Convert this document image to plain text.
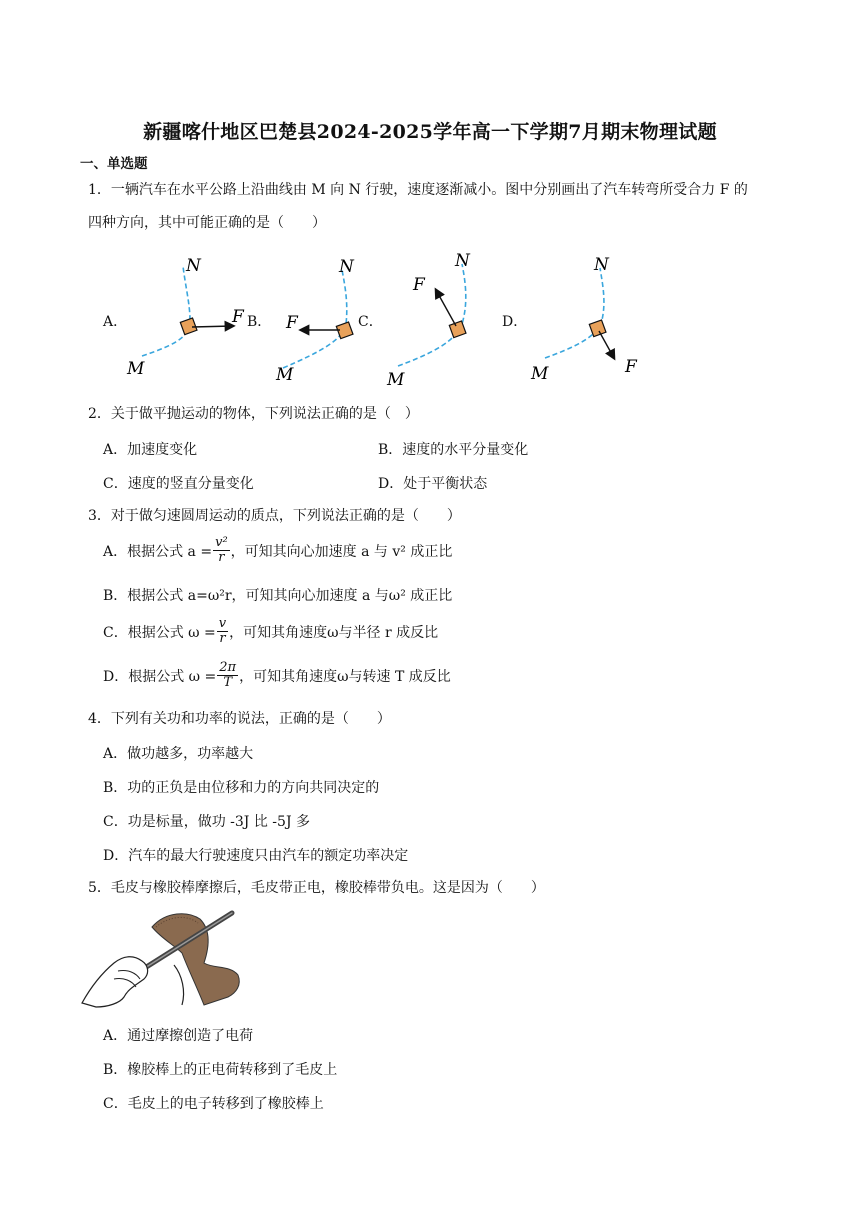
新疆喀什地区巴楚县2024-2025学年高一下学期7月期末物理试题
一、单选题
1．一辆汽车在水平公路上沿曲线由 M 向 N 行驶，速度逐渐减小。图中分别画出了汽车转弯所受合力 F 的
四种方向，其中可能正确的是（　　）
A．	B．	C．	D．
N
M
F
N
M
F
N
M
F
N
M	F
2．关于做平抛运动的物体，下列说法正确的是（　）
A．加速度变化	B．速度的水平分量变化
C．速度的竖直分量变化	D．处于平衡状态
3．对于做匀速圆周运动的质点，下列说法正确的是（　　）
A．根据公式 $a = \frac{\text{v²}}{r}$ ，可知其向心加速度 a 与 v² 成正比
B．根据公式 a=ω²r，可知其向心加速度 a 与ω² 成正比
C．根据公式 $\omega = \frac{v}{r}$ ，可知其角速度ω与半径 r 成反比
D．根据公式 $\omega = \frac{2\pi}{T}$ ，可知其角速度ω与转速 T 成反比
4．下列有关功和功率的说法，正确的是（　　）
A．做功越多，功率越大
B．功的正负是由位移和力的方向共同决定的
C．功是标量，做功 -3J 比 -5J 多
D．汽车的最大行驶速度只由汽车的额定功率决定
5．毛皮与橡胶棒摩擦后，毛皮带正电，橡胶棒带负电。这是因为（　　）
A．通过摩擦创造了电荷
B．橡胶棒上的正电荷转移到了毛皮上
C．毛皮上的电子转移到了橡胶棒上
